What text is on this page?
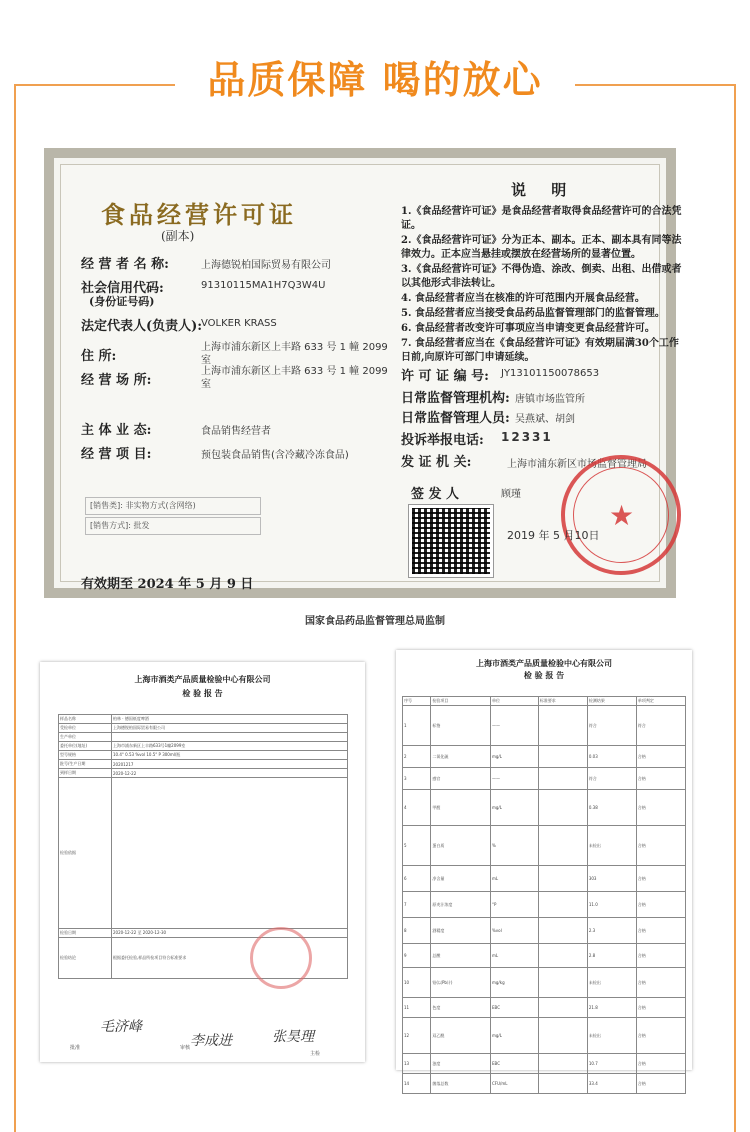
品质保障 喝的放心
食品经营许可证
(副本)
经 营 者 名 称:	上海德锐柏国际贸易有限公司
社会信用代码:	91310115MA1H7Q3W4U
(身份证号码)
法定代表人(负责人):
VOLKER KRASS
住 所:
上海市浦东新区上丰路 633 号 1 幢 2099 室
经 营 场 所:
上海市浦东新区上丰路 633 号 1 幢 2099 室
主 体 业 态:	食品销售经营者
经 营 项 目:	预包装食品销售(含冷藏冷冻食品)
[销售类]: 非实物方式(含网络)
[销售方式]: 批发
有效期至 2024 年 5 月 9 日
说 明

1.《食品经营许可证》是食品经营者取得食品经营许可的合法凭证。

2.《食品经营许可证》分为正本、副本。正本、副本具有同等法律效力。正本应当悬挂或摆放在经营场所的显著位置。

3.《食品经营许可证》不得伪造、涂改、倒卖、出租、出借或者以其他形式非法转让。

4. 食品经营者应当在核准的许可范围内开展食品经营。

5. 食品经营者应当接受食品药品监督管理部门的监督管理。

6. 食品经营者改变许可事项应当申请变更食品经营许可。

7. 食品经营者应当在《食品经营许可证》有效期届满30个工作日前,向原许可部门申请延续。

许 可 证 编 号: JY13101150078653
日常监督管理机构: 唐镇市场监管所
日常监督管理人员: 吴燕斌、胡剑
投诉举报电话: 12331
发 证 机 关:	上海市浦东新区市场监督管理局
签 发 人	顾瑾
★
2019 年 5 月10日
国家食品药品监督管理总局监制
上海市酒类产品质量检验中心有限公司
检 验 报 告
样品名称	柏林 · 德国低度啤酒
受检单位	上海德锐柏国际贸易有限公司
生产单位	
委托单位(地址)	上海市浦东新区上丰路633号1幢2099室
型号规格	10.4° 0.53 %vol 10.5° P 300ml/瓶
批号/生产日期	20201217
到样日期	2020-12-22
检验依据	
检验日期	2020-12-22 至 2020-12-30
检验结论	根据委托检验,样品所检项目符合标准要求
毛济峰
李成进	张昊理
批准	审核
主检
上海市酒类产品质量检验中心有限公司
检 验 报 告
序号	检验项目	单位	标准要求	检测结果	单项判定
1	标签	——		符合	符合
2	二氧化硫	mg/L		0.03	合格
3	感官	——		符合	合格
4	甲醛	mg/L		0.38	合格
5	蛋白质	%		未检出	合格
6	净含量	mL		303	合格
7	原麦汁浓度	°P		11.0	合格
8	酒精度	%vol		2.3	合格
9	总酸	mL		2.8	合格
10	铅(以Pb计)	mg/kg		未检出	合格
11	色度	EBC		21.8	合格
12	双乙酰	mg/L		未检出	合格
13	浊度	EBC		10.7	合格
14	菌落总数	CFU/mL		33.4	合格
